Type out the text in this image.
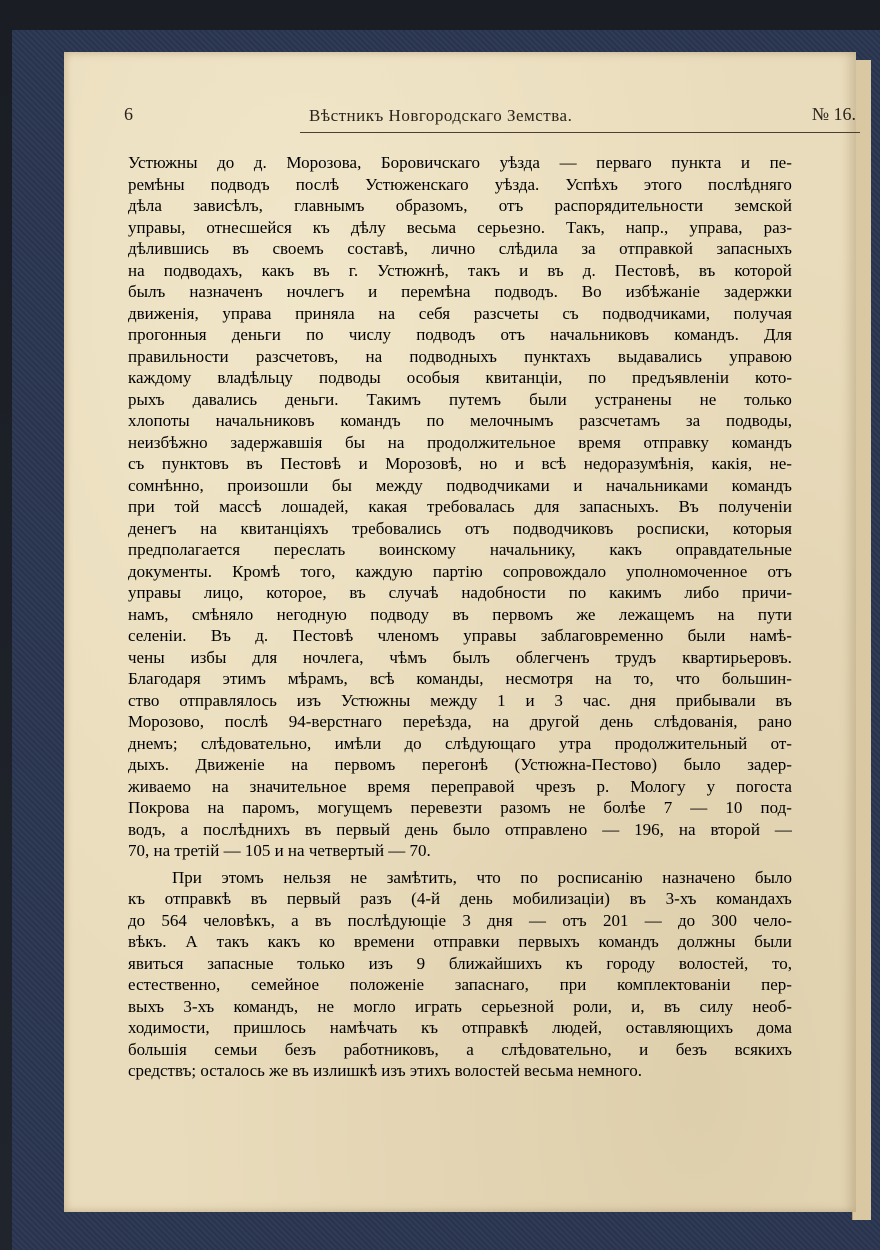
6	Вѣстникъ Новгородскаго Земства.	№ 16.
Устюжны до д. Морозова, Боровичскаго уѣзда — перваго пункта и пе-
ремѣны подводъ послѣ Устюженскаго уѣзда. Успѣхъ этого послѣдняго
дѣла зависѣлъ, главнымъ образомъ, отъ распорядительности земской
управы, отнесшейся къ дѣлу весьма серьезно. Такъ, напр., управа, раз-
дѣлившись въ своемъ составѣ, лично слѣдила за отправкой запасныхъ
на подводахъ, какъ въ г. Устюжнѣ, такъ и въ д. Пестовѣ, въ которой
былъ назначенъ ночлегъ и перемѣна подводъ. Во избѣжаніе задержки
движенія, управа приняла на себя разсчеты съ подводчиками, получая
прогонныя деньги по числу подводъ отъ начальниковъ командъ. Для
правильности разсчетовъ, на подводныхъ пунктахъ выдавались управою
каждому владѣльцу подводы особыя квитанціи, по предъявленіи кото-
рыхъ давались деньги. Такимъ путемъ были устранены не только
хлопоты начальниковъ командъ по мелочнымъ разсчетамъ за подводы,
неизбѣжно задержавшія бы на продолжительное время отправку командъ
съ пунктовъ въ Пестовѣ и Морозовѣ, но и всѣ недоразумѣнія, какія, не-
сомнѣнно, произошли бы между подводчиками и начальниками командъ
при той массѣ лошадей, какая требовалась для запасныхъ. Въ полученіи
денегъ на квитанціяхъ требовались отъ подводчиковъ росписки, которыя
предполагается переслать воинскому начальнику, какъ оправдательные
документы. Кромѣ того, каждую партію сопровождало уполномоченное отъ
управы лицо, которое, въ случаѣ надобности по какимъ либо причи-
намъ, смѣняло негодную подводу въ первомъ же лежащемъ на пути
селеніи. Въ д. Пестовѣ членомъ управы заблаговременно были намѣ-
чены избы для ночлега, чѣмъ былъ облегченъ трудъ квартирьеровъ.
Благодаря этимъ мѣрамъ, всѣ команды, несмотря на то, что большин-
ство отправлялось изъ Устюжны между 1 и 3 час. дня прибывали въ
Морозово, послѣ 94-верстнаго переѣзда, на другой день слѣдованія, рано
днемъ; слѣдовательно, имѣли до слѣдующаго утра продолжительный от-
дыхъ. Движеніе на первомъ перегонѣ (Устюжна-Пестово) было задер-
живаемо на значительное время переправой чрезъ р. Мологу у погоста
Покрова на паромъ, могущемъ перевезти разомъ не болѣе 7 — 10 под-
водъ, а послѣднихъ въ первый день было отправлено — 196, на второй —
70, на третій — 105 и на четвертый — 70.
При этомъ нельзя не замѣтить, что по росписанію назначено было
къ отправкѣ въ первый разъ (4-й день мобилизаціи) въ 3-хъ командахъ
до 564 человѣкъ, а въ послѣдующіе 3 дня — отъ 201 — до 300 чело-
вѣкъ. А такъ какъ ко времени отправки первыхъ командъ должны были
явиться запасные только изъ 9 ближайшихъ къ городу волостей, то,
естественно, семейное положеніе запаснаго, при комплектованіи пер-
выхъ 3-хъ командъ, не могло играть серьезной роли, и, въ силу необ-
ходимости, пришлось намѣчать къ отправкѣ людей, оставляющихъ дома
большія семьи безъ работниковъ, а слѣдовательно, и безъ всякихъ
средствъ; осталось же въ излишкѣ изъ этихъ волостей весьма немного.
